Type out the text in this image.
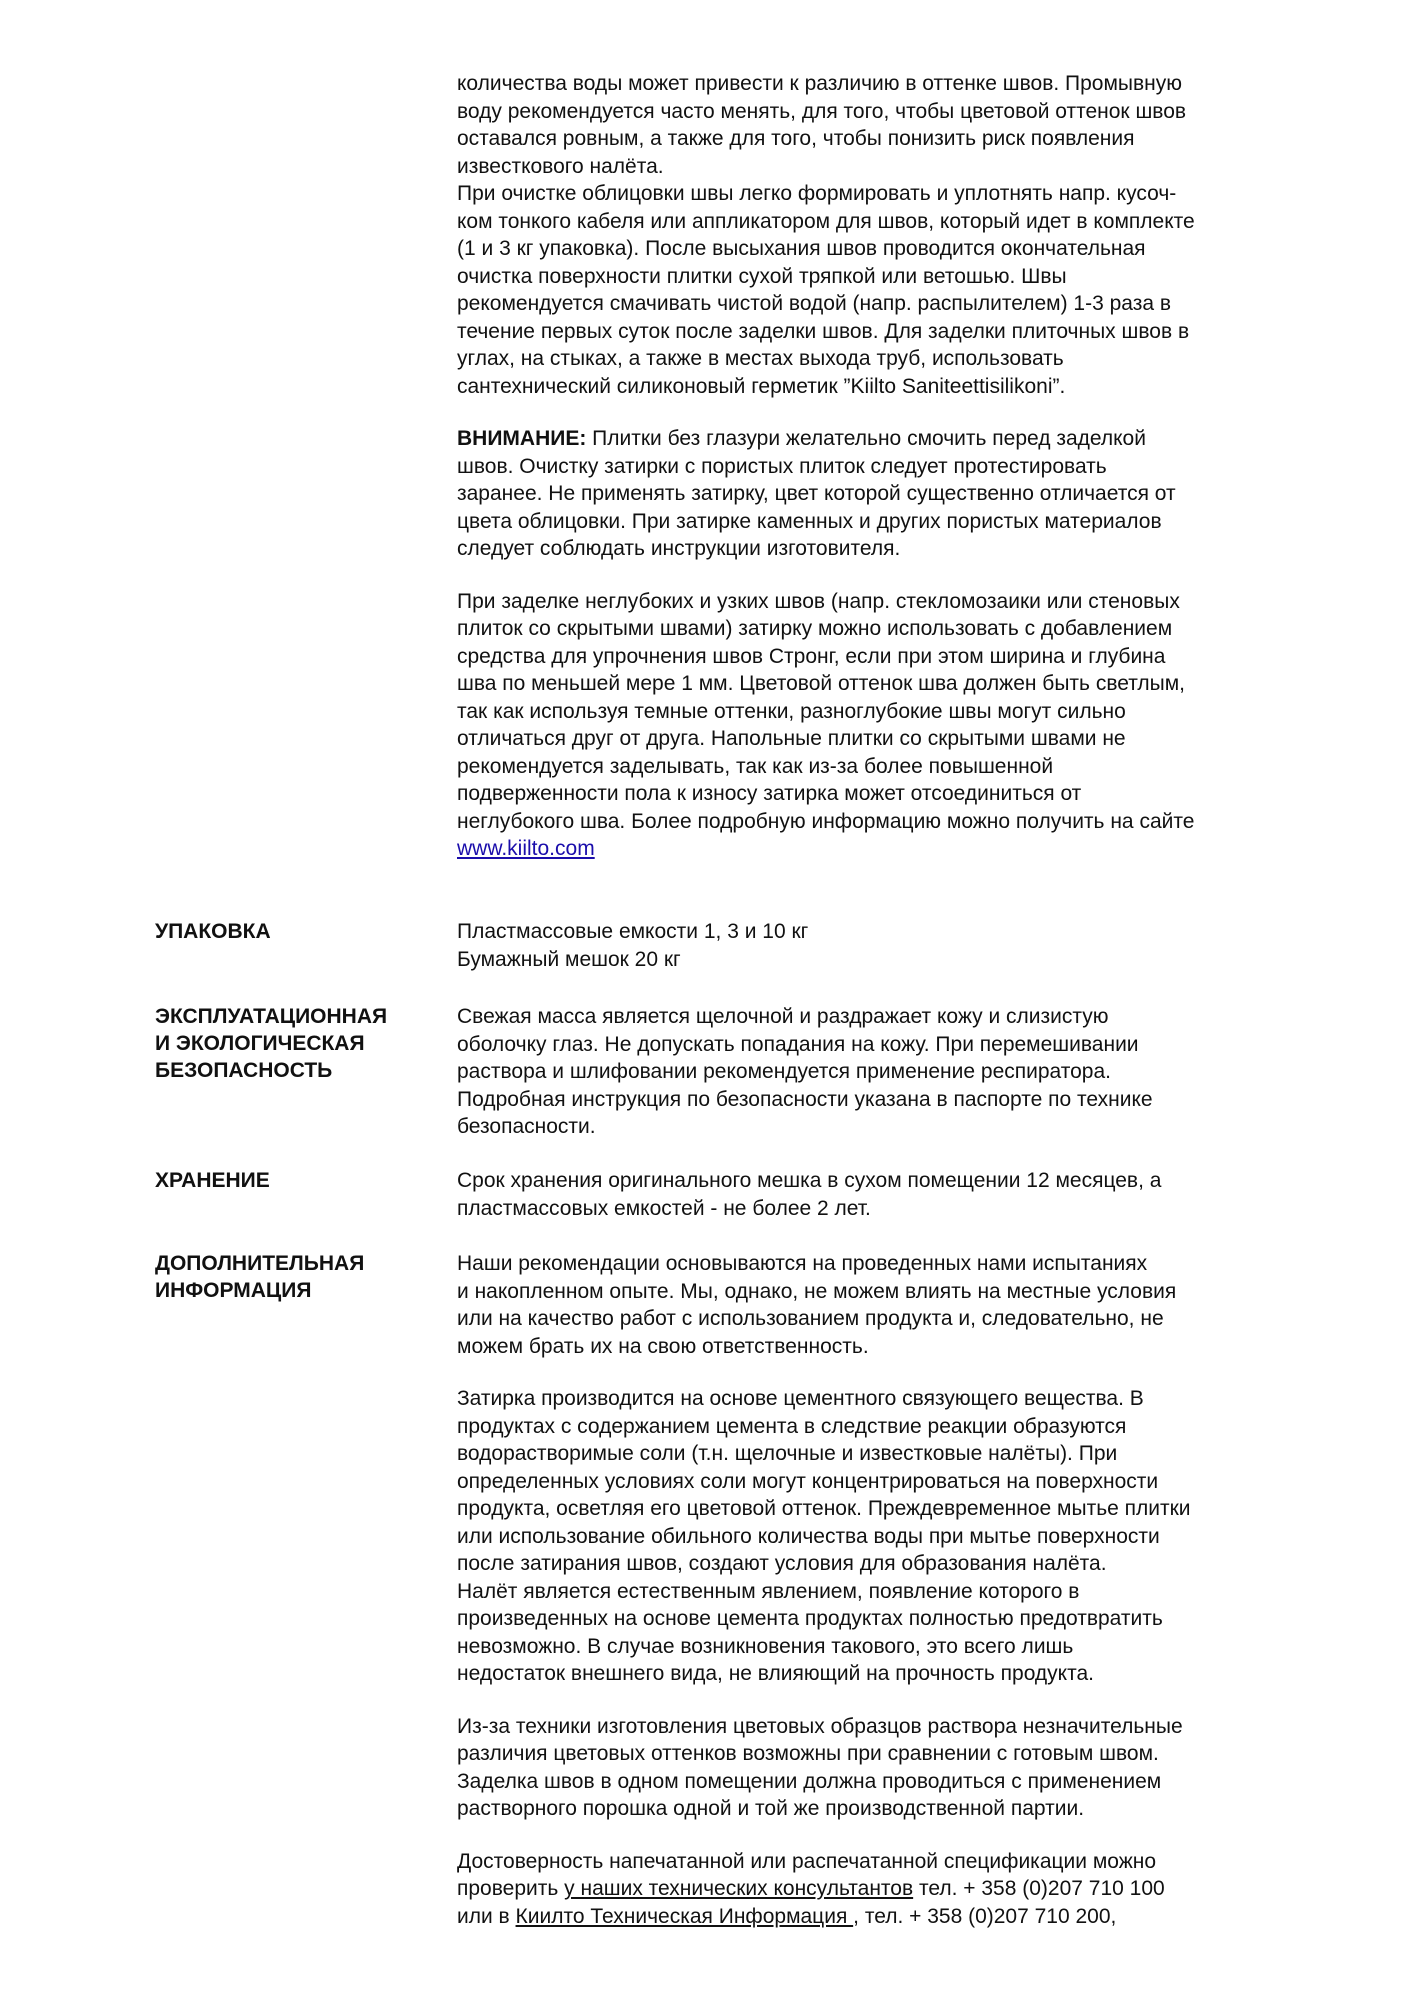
количества воды может привести к различию в оттенке швов. Промывную

воду рекомендуется часто менять, для того, чтобы цветовой оттенок швов

оставался ровным, а также для того, чтобы понизить риск появления

известкового налёта.

При очистке облицовки швы легко формировать и уплотнять напр. кусоч-

ком тонкого кабеля или аппликатором для швов, который идет в комплекте

(1 и 3 кг упаковка). После высыхания швов проводится окончательная

очистка поверхности плитки сухой тряпкой или ветошью. Швы

рекомендуется смачивать чистой водой (напр. распылителем) 1-3 раза в

течение первых суток после заделки швов. Для заделки плиточных швов в

углах, на стыках, а также в местах выхода труб, использовать

сантехнический силиконовый герметик ”Kiilto Saniteettisilikoni”.

ВНИМАНИЕ: Плитки без глазури желательно смочить перед заделкой

швов. Очистку затирки с пористых плиток следует протестировать

заранее. Не применять затирку, цвет которой существенно отличается от

цвета облицовки. При затирке каменных и других пористых материалов

следует соблюдать инструкции изготовителя.

При заделке неглубоких и узких швов (напр. стекломозаики или стеновых

плиток со скрытыми швами) затирку можно использовать с добавлением

средства для упрочнения швов Стронг, если при этом ширина и глубина

шва по меньшей мере 1 мм. Цветовой оттенок шва должен быть светлым,

так как используя темные оттенки, разноглубокие швы могут сильно

отличаться друг от друга. Напольные плитки со скрытыми швами не

рекомендуется заделывать, так как из-за более повышенной

подверженности пола к износу затирка может отсоединиться от

неглубокого шва. Более подробную информацию можно получить на сайте

www.kiilto.com

УПАКОВКА	Пластмассовые емкости 1, 3 и 10 кг

Бумажный мешок 20 кг

ЭКСПЛУАТАЦИОННАЯ
И ЭКОЛОГИЧЕСКАЯ
БЕЗОПАСНОСТЬ

Свежая масса является щелочной и раздражает кожу и слизистую

оболочку глаз. Не допускать попадания на кожу. При перемешивании

раствора и шлифовании рекомендуется применение респиратора.

Подробная инструкция по безопасности указана в паспорте по технике

безопасности.

ХРАНЕНИЕ	Срок хранения оригинального мешка в сухом помещении 12 месяцев, а

пластмассовых емкостей - не более 2 лет.

ДОПОЛНИТЕЛЬНАЯ
ИНФОРМАЦИЯ

Наши рекомендации основываются на проведенных нами испытаниях

и накопленном опыте. Мы, однако, не можем влиять на местные условия

или на качество работ с использованием продукта и, следовательно, не

можем брать их на свою ответственность.

Затирка производится на основе цементного связующего вещества. В

продуктах с содержанием цемента в следствие реакции образуются

водорастворимые соли (т.н. щелочные и известковые налёты). При

определенных условиях соли могут концентрироваться на поверхности

продукта, осветляя его цветовой оттенок. Преждевременное мытье плитки

или использование обильного количества воды при мытье поверхности

после затирания швов, создают условия для образования налёта.

Налёт является естественным явлением, появление которого в

произведенных на основе цемента продуктах полностью предотвратить

невозможно. В случае возникновения такового, это всего лишь

недостаток внешнего вида, не влияющий на прочность продукта.

Из-за техники изготовления цветовых образцов раствора незначительные

различия цветовых оттенков возможны при сравнении с готовым швом.

Заделка швов в одном помещении должна проводиться с применением

растворного порошка одной и той же производственной партии.

Достоверность напечатанной или распечатанной спецификации можно

проверить у наших технических консультантов тел. + 358 (0)207 710 100

или в Киилто Техническая Информация , тел. + 358 (0)207 710 200,
